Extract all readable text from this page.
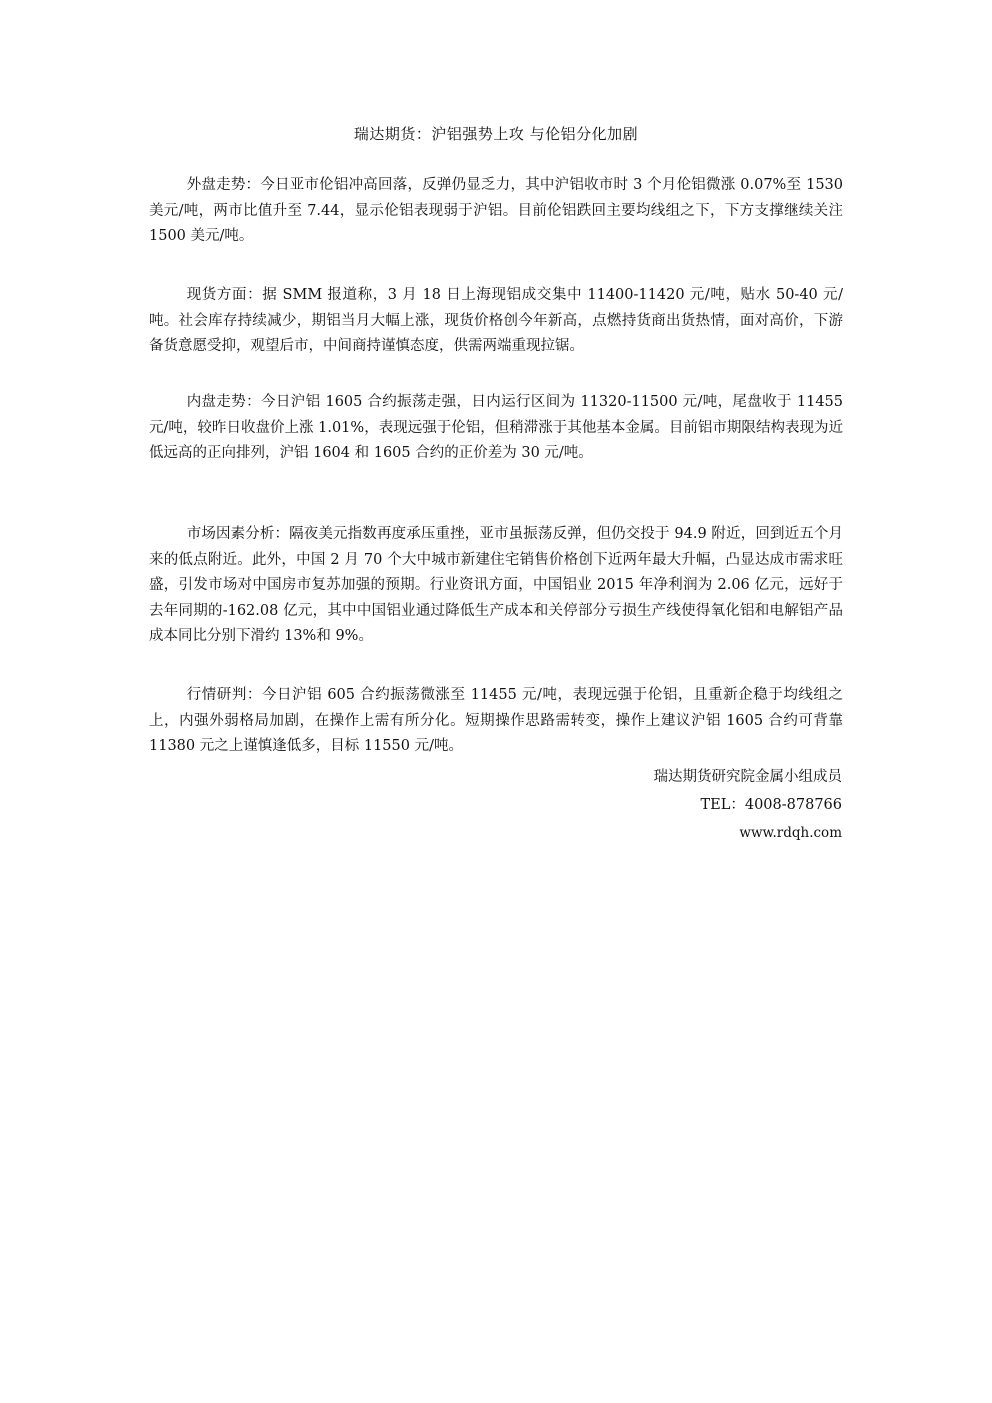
瑞达期货：沪铝强势上攻 与伦铝分化加剧

外盘走势：今日亚市伦铝冲高回落，反弹仍显乏力，其中沪铝收市时 3 个月伦铝微涨 0.07%至 1530 美元/吨，两市比值升至 7.44，显示伦铝表现弱于沪铝。目前伦铝跌回主要均线组之下，下方支撑继续关注 1500 美元/吨。

现货方面：据 SMM 报道称，3 月 18 日上海现铝成交集中 11400-11420 元/吨，贴水 50-40 元/吨。社会库存持续减少，期铝当月大幅上涨，现货价格创今年新高，点燃持货商出货热情，面对高价，下游备货意愿受抑，观望后市，中间商持谨慎态度，供需两端重现拉锯。

内盘走势：今日沪铝 1605 合约振荡走强，日内运行区间为 11320-11500 元/吨，尾盘收于 11455 元/吨，较昨日收盘价上涨 1.01%，表现远强于伦铝，但稍滞涨于其他基本金属。目前铝市期限结构表现为近低远高的正向排列，沪铝 1604 和 1605 合约的正价差为 30 元/吨。

市场因素分析：隔夜美元指数再度承压重挫，亚市虽振荡反弹，但仍交投于 94.9 附近，回到近五个月来的低点附近。此外，中国 2 月 70 个大中城市新建住宅销售价格创下近两年最大升幅，凸显达成市需求旺盛，引发市场对中国房市复苏加强的预期。行业资讯方面，中国铝业 2015 年净利润为 2.06 亿元，远好于去年同期的-162.08 亿元，其中中国铝业通过降低生产成本和关停部分亏损生产线使得氧化铝和电解铝产品成本同比分别下滑约 13%和 9%。

行情研判：今日沪铝 605 合约振荡微涨至 11455 元/吨，表现远强于伦铝，且重新企稳于均线组之上，内强外弱格局加剧，在操作上需有所分化。短期操作思路需转变，操作上建议沪铝 1605 合约可背靠 11380 元之上谨慎逢低多，目标 11550 元/吨。

瑞达期货研究院金属小组成员
TEL：4008-878766
www.rdqh.com
